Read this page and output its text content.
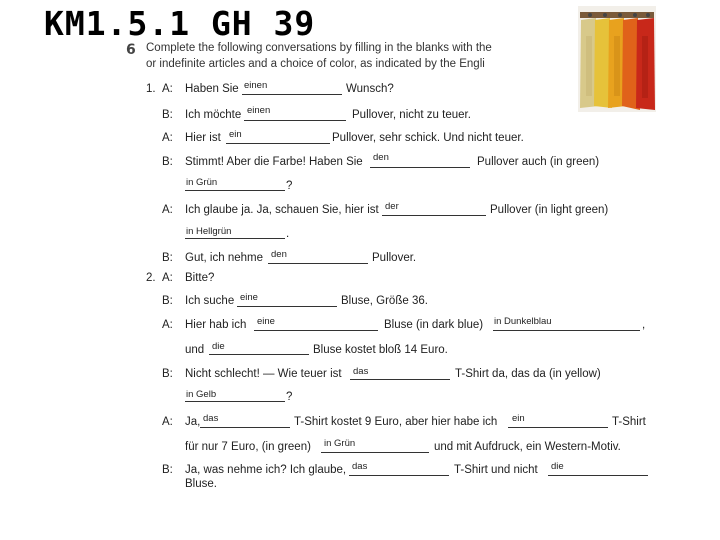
KM1.5.1 GH 39
6 Complete the following conversations by filling in the blanks with the
or indefinite articles and a choice of color, as indicated by the Engli
1. A: Haben Sie einen	Wunsch?
B: Ich möchte einen	Pullover, nicht zu teuer.
A: Hier ist ein	Pullover, sehr schick. Und nicht teuer.
B: Stimmt! Aber die Farbe! Haben Sie den	Pullover auch (in green)
in Grün	?
A: Ich glaube ja. Ja, schauen Sie, hier ist der	Pullover (in light green)
in Hellgrün	.
B: Gut, ich nehme den	Pullover.
2. A: Bitte?
B: Ich suche eine	Bluse, Größe 36.
A: Hier hab ich eine	Bluse (in dark blue) in Dunkelblau	,
und die	Bluse kostet bloß 14 Euro.
B: Nicht schlecht! — Wie teuer ist das	T-Shirt da, das da (in yellow)
in Gelb	?
A: Ja, das	T-Shirt kostet 9 Euro, aber hier habe ich ein	T-Shirt
für nur 7 Euro, (in green) in Grün	und mit Aufdruck, ein Western-Motiv.
B: Ja, was nehme ich? Ich glaube, das	T-Shirt und nicht die
Bluse.
